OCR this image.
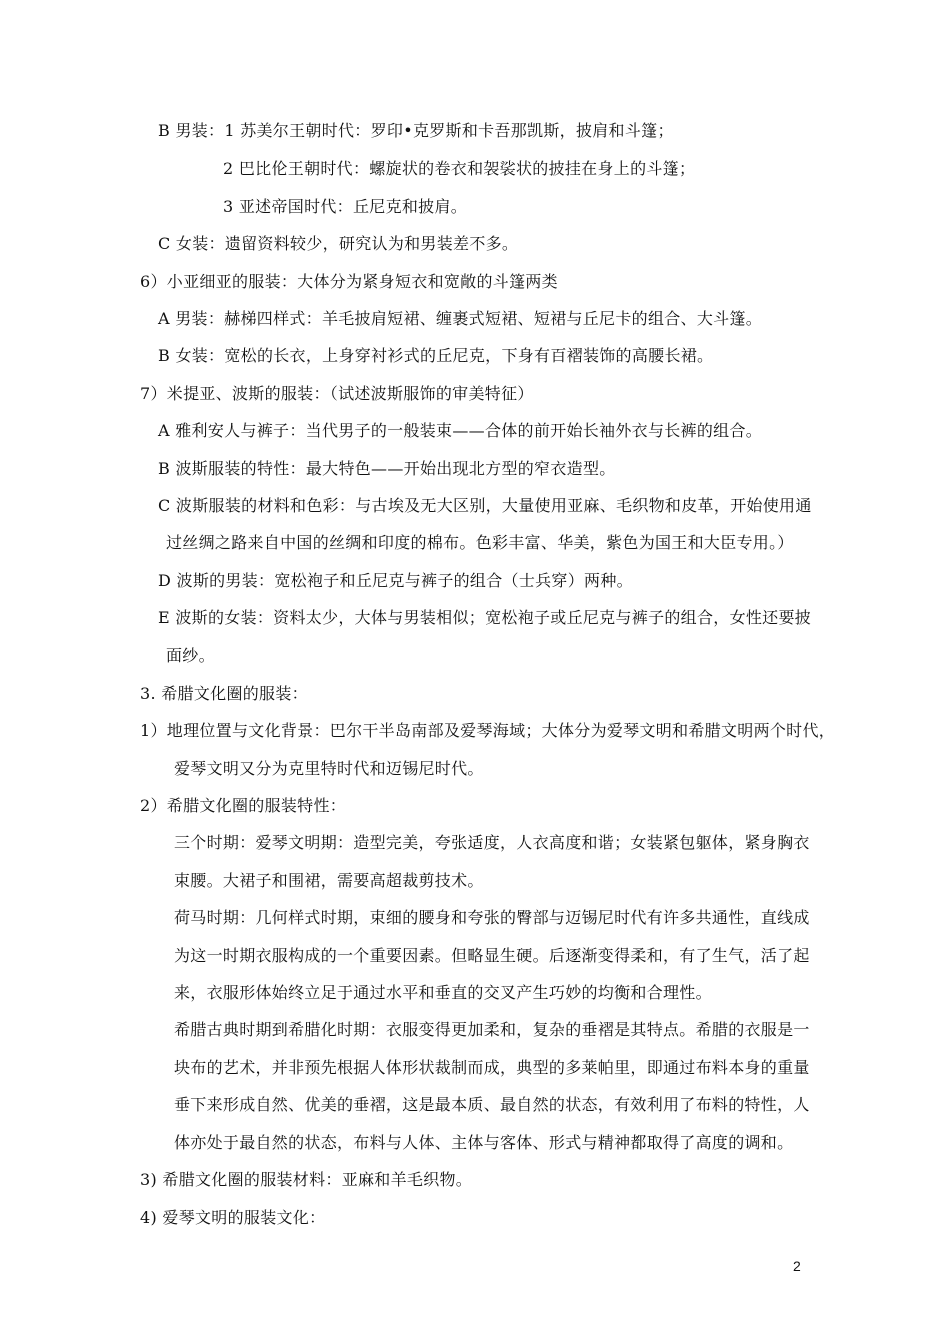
B 男装：1 苏美尔王朝时代：罗印•克罗斯和卡吾那凯斯，披肩和斗篷；
2 巴比伦王朝时代：螺旋状的卷衣和袈裟状的披挂在身上的斗篷；
3 亚述帝国时代：丘尼克和披肩。
C 女装：遗留资料较少，研究认为和男装差不多。
6）小亚细亚的服装：大体分为紧身短衣和宽敞的斗篷两类
A 男装：赫梯四样式：羊毛披肩短裙、缠裹式短裙、短裙与丘尼卡的组合、大斗篷。
B 女装：宽松的长衣，上身穿衬衫式的丘尼克，下身有百褶装饰的高腰长裙。
7）米提亚、波斯的服装：（试述波斯服饰的审美特征）
A 雅利安人与裤子：当代男子的一般装束——合体的前开始长袖外衣与长裤的组合。
B 波斯服装的特性：最大特色——开始出现北方型的窄衣造型。
C 波斯服装的材料和色彩：与古埃及无大区别，大量使用亚麻、毛织物和皮革，开始使用通
过丝绸之路来自中国的丝绸和印度的棉布。色彩丰富、华美，紫色为国王和大臣专用。）
D 波斯的男装：宽松袍子和丘尼克与裤子的组合（士兵穿）两种。
E 波斯的女装：资料太少，大体与男装相似；宽松袍子或丘尼克与裤子的组合，女性还要披
面纱。
3. 希腊文化圈的服装：
1）地理位置与文化背景：巴尔干半岛南部及爱琴海域；大体分为爱琴文明和希腊文明两个时代，
爱琴文明又分为克里特时代和迈锡尼时代。
2）希腊文化圈的服装特性：
三个时期：爱琴文明期：造型完美，夸张适度，人衣高度和谐；女装紧包躯体，紧身胸衣
束腰。大裙子和围裙，需要高超裁剪技术。
荷马时期：几何样式时期，束细的腰身和夸张的臀部与迈锡尼时代有许多共通性，直线成
为这一时期衣服构成的一个重要因素。但略显生硬。后逐渐变得柔和，有了生气，活了起
来，衣服形体始终立足于通过水平和垂直的交叉产生巧妙的均衡和合理性。
希腊古典时期到希腊化时期：衣服变得更加柔和，复杂的垂褶是其特点。希腊的衣服是一
块布的艺术，并非预先根据人体形状裁制而成，典型的多莱帕里，即通过布料本身的重量
垂下来形成自然、优美的垂褶，这是最本质、最自然的状态，有效利用了布料的特性，人
体亦处于最自然的状态，布料与人体、主体与客体、形式与精神都取得了高度的调和。
3) 希腊文化圈的服装材料：亚麻和羊毛织物。
4) 爱琴文明的服装文化：
2
